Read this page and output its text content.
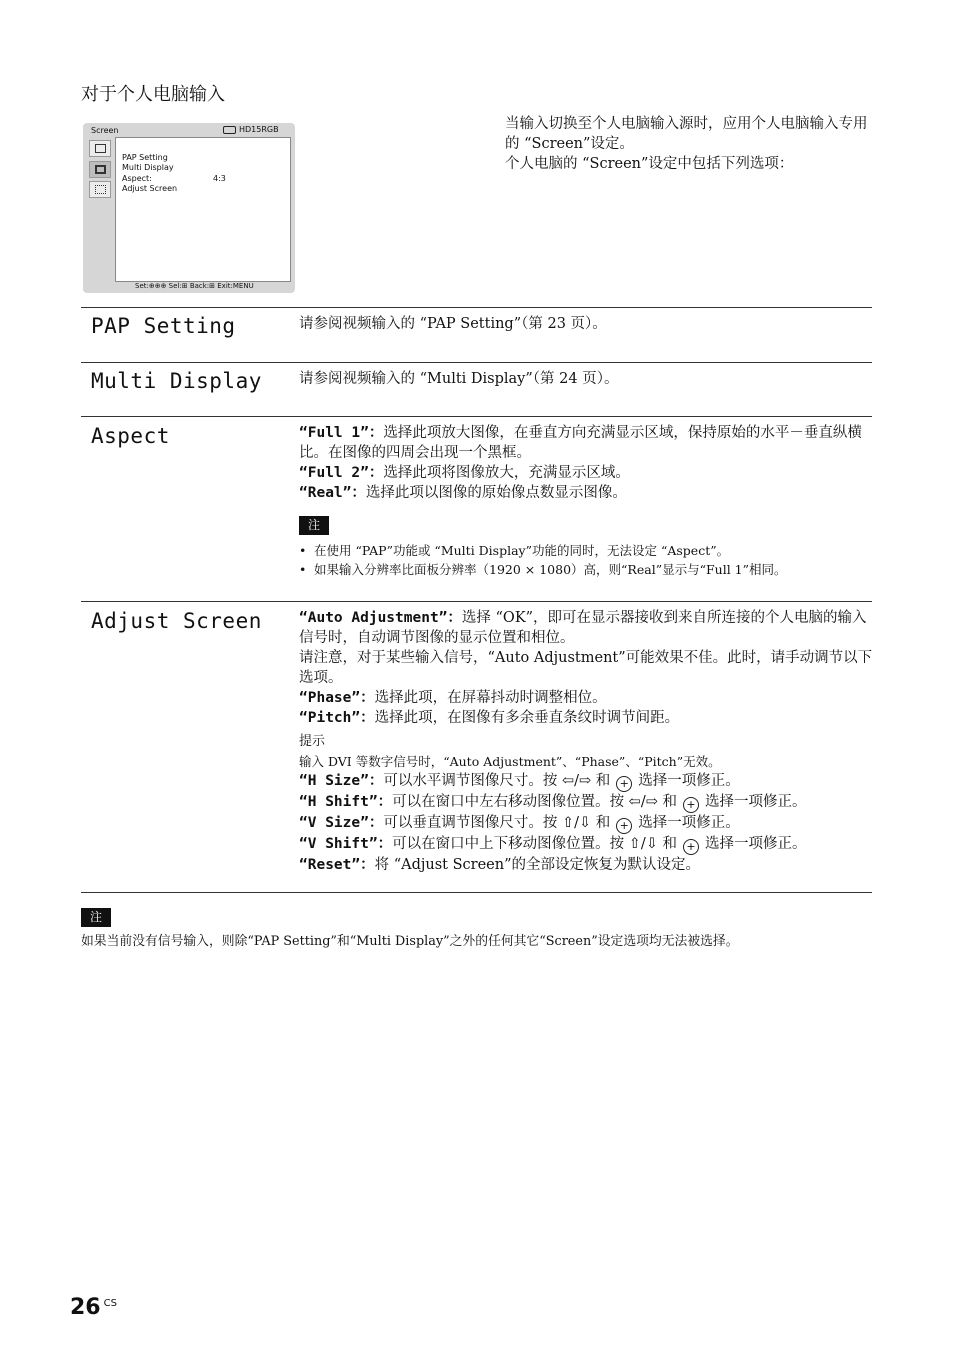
对于个人电脑输入
Screen	HD15RGB
PAP Setting
Multi Display
Aspect:	4:3
Adjust Screen
Set:⊕⊕⊕ Sel:⊞ Back:⊞ Exit:MENU
当输入切换至个人电脑输入源时，应用个人电脑输入专用的 “Screen”设定。
个人电脑的 “Screen”设定中包括下列选项：
PAP Setting	请参阅视频输入的 “PAP Setting”（第 23 页）。
Multi Display	请参阅视频输入的 “Multi Display”（第 24 页）。
Aspect	“Full 1”：选择此项放大图像，在垂直方向充满显示区域，保持原始的水平－垂直纵横比。在图像的四周会出现一个黑框。

“Full 2”：选择此项将图像放大，充满显示区域。

“Real”：选择此项以图像的原始像点数显示图像。

注
• 在使用 “PAP”功能或 “Multi Display”功能的同时，无法设定 “Aspect”。
• 如果输入分辨率比面板分辨率（1920 × 1080）高，则“Real”显示与“Full 1”相同。
Adjust Screen	“Auto Adjustment”：选择 “OK”，即可在显示器接收到来自所连接的个人电脑的输入信号时，自动调节图像的显示位置和相位。

请注意，对于某些输入信号，“Auto Adjustment”可能效果不佳。此时，请手动调节以下选项。

“Phase”：选择此项，在屏幕抖动时调整相位。

“Pitch”：选择此项，在图像有多余垂直条纹时调节间距。

提示

输入 DVI 等数字信号时，“Auto Adjustment”、“Phase”、“Pitch”无效。

“H Size”：可以水平调节图像尺寸。按 ⇦/⇨ 和 + 选择一项修正。

“H Shift”：可以在窗口中左右移动图像位置。按 ⇦/⇨ 和 + 选择一项修正。

“V Size”：可以垂直调节图像尺寸。按 ⇧/⇩ 和 + 选择一项修正。

“V Shift”：可以在窗口中上下移动图像位置。按 ⇧/⇩ 和 + 选择一项修正。

“Reset”：将 “Adjust Screen”的全部设定恢复为默认设定。

注
如果当前没有信号输入，则除“PAP Setting”和“Multi Display”之外的任何其它“Screen”设定选项均无法被选择。
26 $^{CS}$
